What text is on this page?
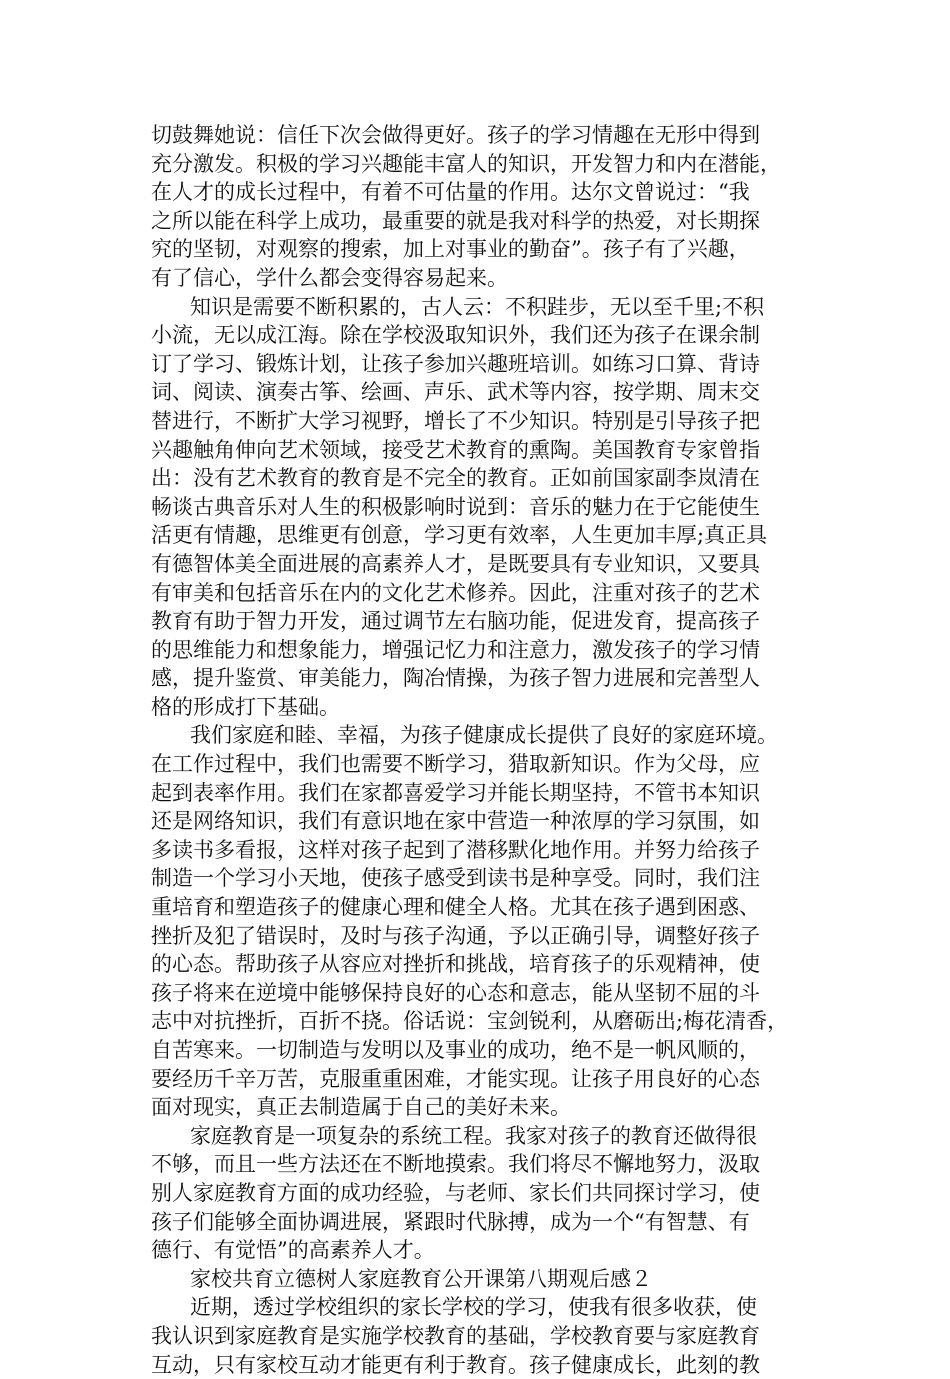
切鼓舞她说：信任下次会做得更好。孩子的学习情趣在无形中得到
充分激发。积极的学习兴趣能丰富人的知识，开发智力和内在潜能，
在人才的成长过程中，有着不可估量的作用。达尔文曾说过：“我
之所以能在科学上成功，最重要的就是我对科学的热爱，对长期探
究的坚韧，对观察的搜索，加上对事业的勤奋”。孩子有了兴趣，
有了信心，学什么都会变得容易起来。
知识是需要不断积累的，古人云：不积跬步，无以至千里;不积
小流，无以成江海。除在学校汲取知识外，我们还为孩子在课余制
订了学习、锻炼计划，让孩子参加兴趣班培训。如练习口算、背诗
词、阅读、演奏古筝、绘画、声乐、武术等内容，按学期、周末交
替进行，不断扩大学习视野，增长了不少知识。特别是引导孩子把
兴趣触角伸向艺术领域，接受艺术教育的熏陶。美国教育专家曾指
出：没有艺术教育的教育是不完全的教育。正如前国家副李岚清在
畅谈古典音乐对人生的积极影响时说到：音乐的魅力在于它能使生
活更有情趣，思维更有创意，学习更有效率，人生更加丰厚;真正具
有德智体美全面进展的高素养人才，是既要具有专业知识，又要具
有审美和包括音乐在内的文化艺术修养。因此，注重对孩子的艺术
教育有助于智力开发，通过调节左右脑功能，促进发育，提高孩子
的思维能力和想象能力，增强记忆力和注意力，激发孩子的学习情
感，提升鉴赏、审美能力，陶冶情操，为孩子智力进展和完善型人
格的形成打下基础。
我们家庭和睦、幸福，为孩子健康成长提供了良好的家庭环境。
在工作过程中，我们也需要不断学习，猎取新知识。作为父母，应
起到表率作用。我们在家都喜爱学习并能长期坚持，不管书本知识
还是网络知识，我们有意识地在家中营造一种浓厚的学习氛围，如
多读书多看报，这样对孩子起到了潜移默化地作用。并努力给孩子
制造一个学习小天地，使孩子感受到读书是种享受。同时，我们注
重培育和塑造孩子的健康心理和健全人格。尤其在孩子遇到困惑、
挫折及犯了错误时，及时与孩子沟通，予以正确引导，调整好孩子
的心态。帮助孩子从容应对挫折和挑战，培育孩子的乐观精神，使
孩子将来在逆境中能够保持良好的心态和意志，能从坚韧不屈的斗
志中对抗挫折，百折不挠。俗话说：宝剑锐利，从磨砺出;梅花清香，
自苦寒来。一切制造与发明以及事业的成功，绝不是一帆风顺的，
要经历千辛万苦，克服重重困难，才能实现。让孩子用良好的心态
面对现实，真正去制造属于自己的美好未来。
家庭教育是一项复杂的系统工程。我家对孩子的教育还做得很
不够，而且一些方法还在不断地摸索。我们将尽不懈地努力，汲取
别人家庭教育方面的成功经验，与老师、家长们共同探讨学习，使
孩子们能够全面协调进展，紧跟时代脉搏，成为一个“有智慧、有
德行、有觉悟”的高素养人才。
家校共育立德树人家庭教育公开课第八期观后感２
近期，透过学校组织的家长学校的学习，使我有很多收获，使
我认识到家庭教育是实施学校教育的基础，学校教育要与家庭教育
互动，只有家校互动才能更有利于教育。孩子健康成长，此刻的教
